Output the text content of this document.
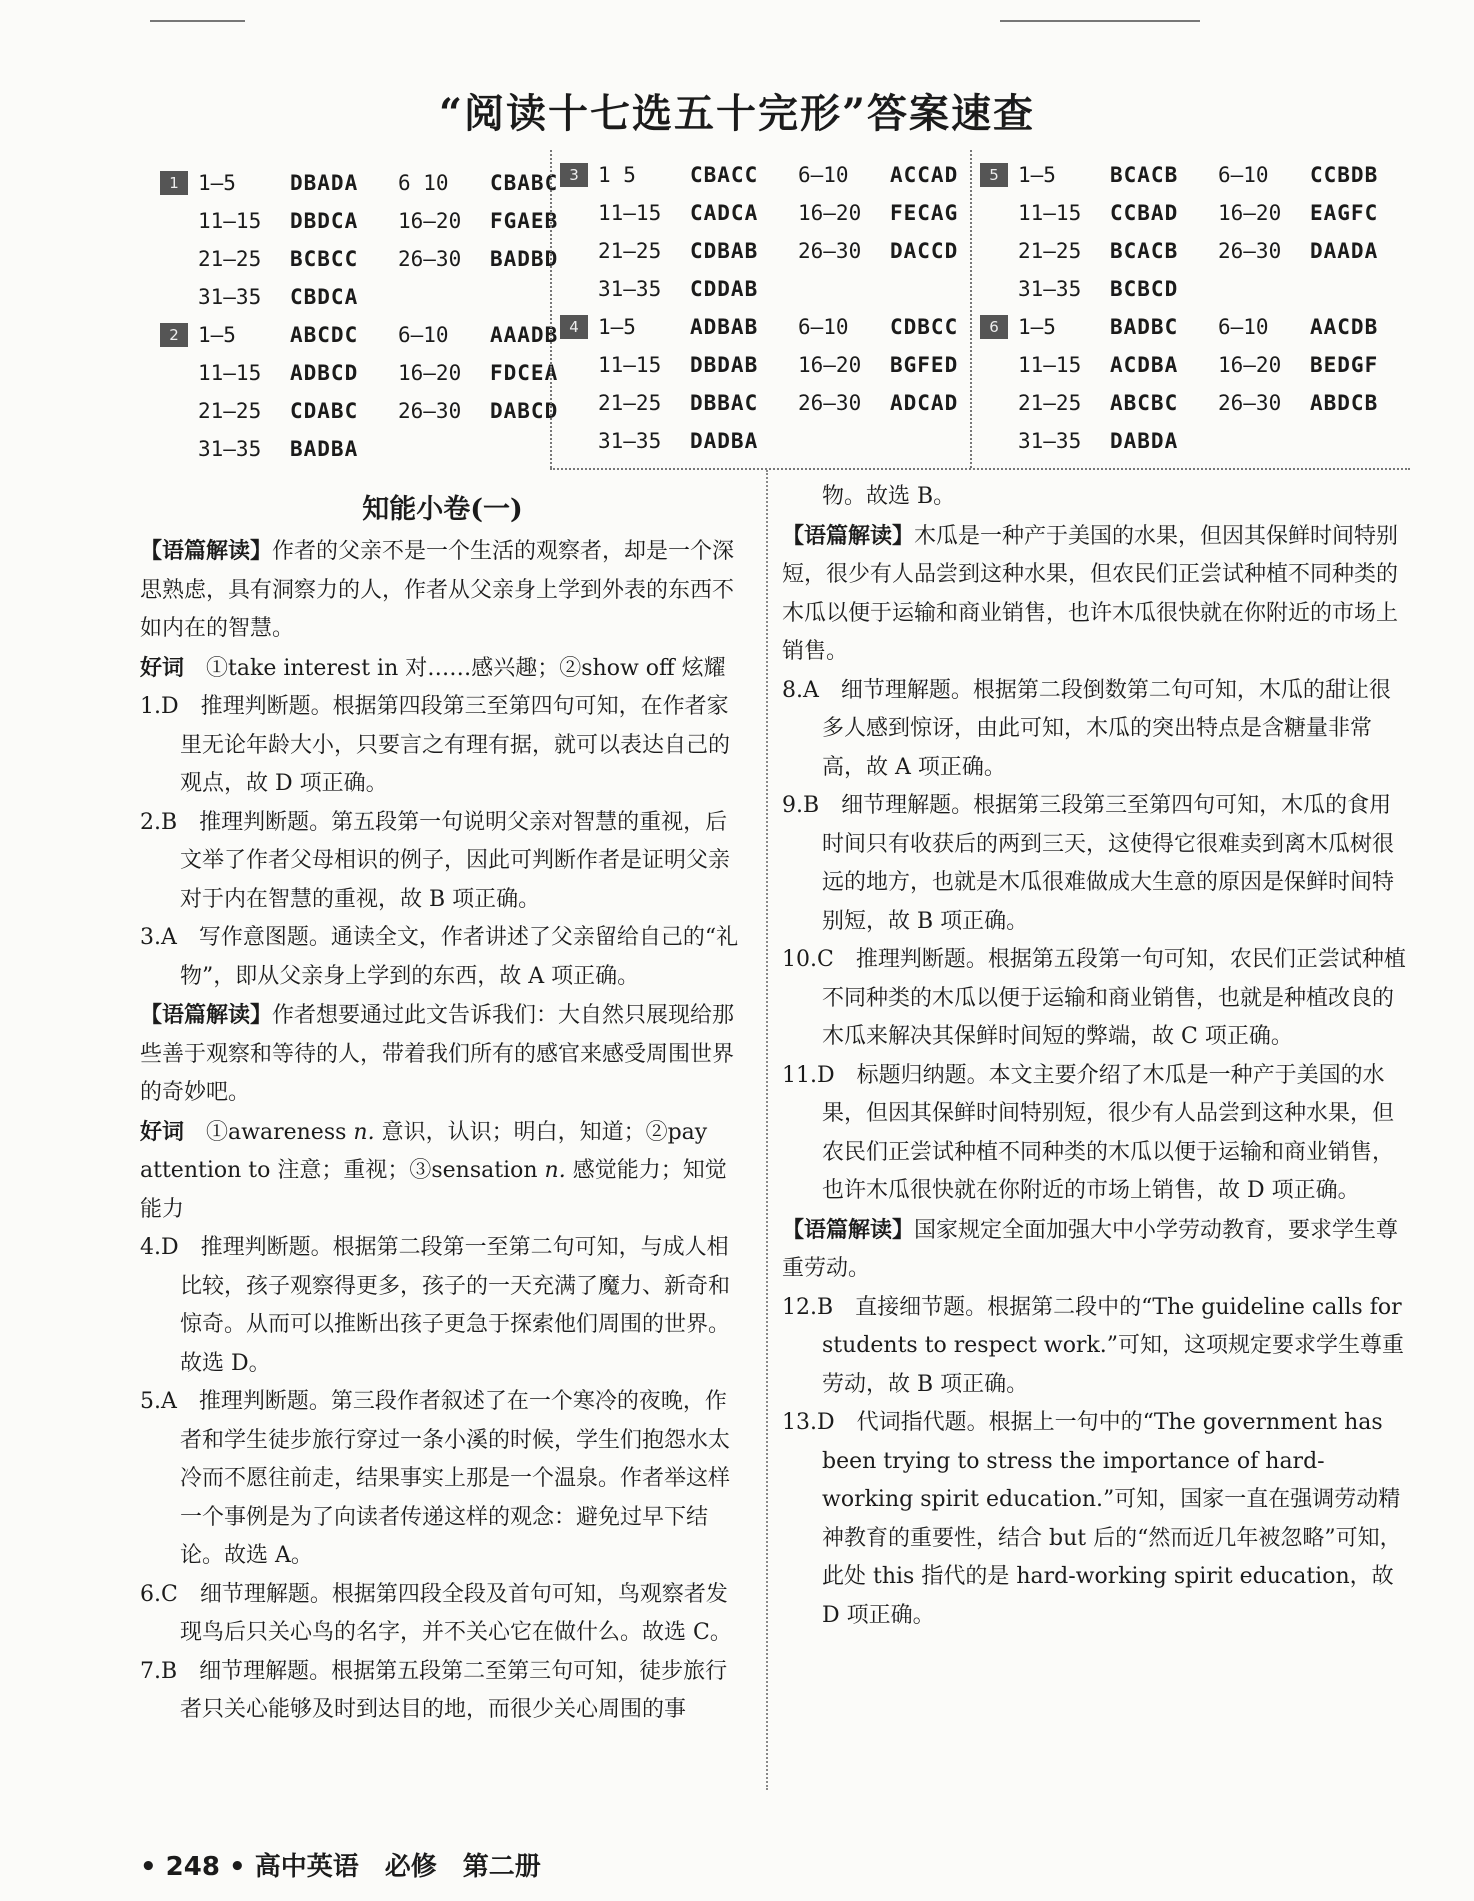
“阅读十七选五十完形”答案速查
1 1—5	DBADA	6 10	CBABC
11—15	DBDCA	16—20	FGAEB
21—25	BCBCC	26—30	BADBD
31—35	CBDCA
2 1—5	ABCDC	6—10	AAADB
11—15	ADBCD	16—20	FDCEA
21—25	CDABC	26—30	DABCD
31—35	BADBA
3 1 5	CBACC	6—10	ACCAD
11—15	CADCA	16—20	FECAG
21—25	CDBAB	26—30	DACCD
31—35	CDDAB
4 1—5	ADBAB	6—10	CDBCC
11—15	DBDAB	16—20	BGFED
21—25	DBBAC	26—30	ADCAD
31—35	DADBA
5 1—5	BCACB	6—10	CCBDB
11—15	CCBAD	16—20	EAGFC
21—25	BCACB	26—30	DAADA
31—35	BCBCD
6 1—5	BADBC	6—10	AACDB
11—15	ACDBA	16—20	BEDGF
21—25	ABCBC	26—30	ABDCB
31—35	DABDA

知能小卷(一)

【语篇解读】作者的父亲不是一个生活的观察者，却是一个深思熟虑，具有洞察力的人，作者从父亲身上学到外表的东西不如内在的智慧。

好词　 ①take interest in 对……感兴趣；②show off 炫耀

1.D　推理判断题。根据第四段第三至第四句可知，在作者家里无论年龄大小，只要言之有理有据，就可以表达自己的观点，故 D 项正确。

2.B　推理判断题。第五段第一句说明父亲对智慧的重视，后文举了作者父母相识的例子，因此可判断作者是证明父亲对于内在智慧的重视，故 B 项正确。

3.A　写作意图题。通读全文，作者讲述了父亲留给自己的“礼物”，即从父亲身上学到的东西，故 A 项正确。

【语篇解读】作者想要通过此文告诉我们：大自然只展现给那些善于观察和等待的人，带着我们所有的感官来感受周围世界的奇妙吧。

好词　 ①awareness n. 意识，认识；明白，知道；②pay attention to 注意；重视；③sensation n. 感觉能力；知觉能力

4.D　推理判断题。根据第二段第一至第二句可知，与成人相比较，孩子观察得更多，孩子的一天充满了魔力、新奇和惊奇。从而可以推断出孩子更急于探索他们周围的世界。故选 D。

5.A　推理判断题。第三段作者叙述了在一个寒冷的夜晚，作者和学生徒步旅行穿过一条小溪的时候，学生们抱怨水太冷而不愿往前走，结果事实上那是一个温泉。作者举这样一个事例是为了向读者传递这样的观念：避免过早下结论。故选 A。

6.C　细节理解题。根据第四段全段及首句可知，鸟观察者发现鸟后只关心鸟的名字，并不关心它在做什么。故选 C。

7.B　细节理解题。根据第五段第二至第三句可知，徒步旅行者只关心能够及时到达目的地，而很少关心周围的事

物。故选 B。

【语篇解读】木瓜是一种产于美国的水果，但因其保鲜时间特别短，很少有人品尝到这种水果，但农民们正尝试种植不同种类的木瓜以便于运输和商业销售，也许木瓜很快就在你附近的市场上销售。

8.A　细节理解题。根据第二段倒数第二句可知，木瓜的甜让很多人感到惊讶，由此可知，木瓜的突出特点是含糖量非常高，故 A 项正确。

9.B　细节理解题。根据第三段第三至第四句可知，木瓜的食用时间只有收获后的两到三天，这使得它很难卖到离木瓜树很远的地方，也就是木瓜很难做成大生意的原因是保鲜时间特别短，故 B 项正确。

10.C　推理判断题。根据第五段第一句可知，农民们正尝试种植不同种类的木瓜以便于运输和商业销售，也就是种植改良的木瓜来解决其保鲜时间短的弊端，故 C 项正确。

11.D　标题归纳题。本文主要介绍了木瓜是一种产于美国的水果，但因其保鲜时间特别短，很少有人品尝到这种水果，但农民们正尝试种植不同种类的木瓜以便于运输和商业销售，也许木瓜很快就在你附近的市场上销售，故 D 项正确。

【语篇解读】国家规定全面加强大中小学劳动教育，要求学生尊重劳动。

12.B　直接细节题。根据第二段中的“The guideline calls for students to respect work.”可知，这项规定要求学生尊重劳动，故 B 项正确。

13.D　代词指代题。根据上一句中的“The government has been trying to stress the importance of hard-working spirit education.”可知，国家一直在强调劳动精神教育的重要性，结合 but 后的“然而近几年被忽略”可知，此处 this 指代的是 hard-working spirit education，故 D 项正确。

• 248 • 高中英语　必修　第二册
